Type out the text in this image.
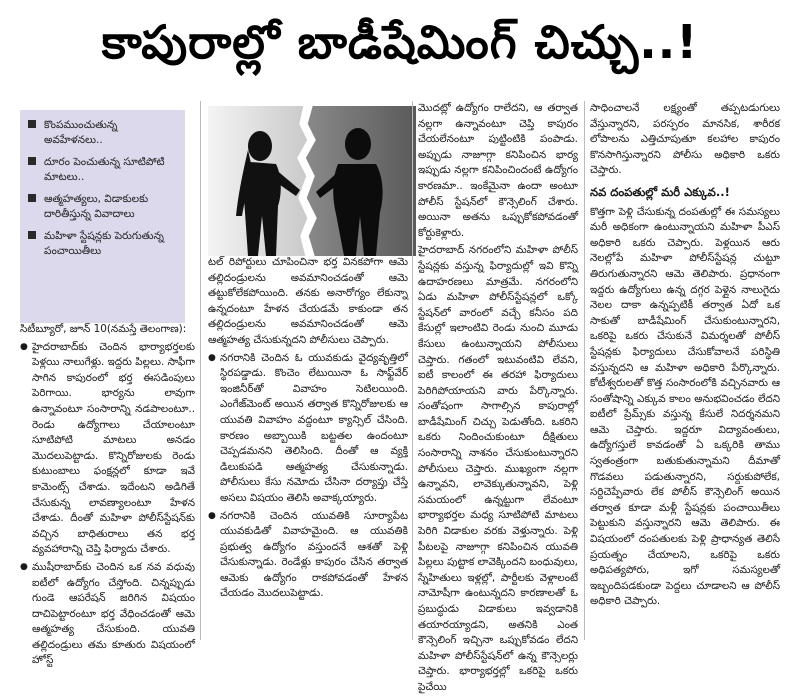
కాపురాల్లో బాడీషేమింగ్ చిచ్చు..!
కొంపముంచుతున్న అవహేళనలు..
దూరం పెంచుతున్న సూటిపోటి మాటలు..
ఆత్మహత్యలు, విడాకులకు దారితీస్తున్న వివాదాలు
మహిళా స్టేషన్లకు పెరుగుతున్న పంచాయితీలు

సిటీబ్యూరో, జూన్ 10(నమస్తే తెలంగాణ):

● హైదరాబాద్‌కు చెందిన భార్యాభర్తలకు పెళ్లయి నాలుగేళ్లు. ఇద్దరు పిల్లలు. సాఫీగా సాగిన కాపురంలో భర్త ఈసడింపులు పెరిగాయి. భార్యను లావుగా ఉన్నావంటూ సంసారాన్ని నడపాలంటూ.. రెండు ఉద్యోగాలు చేయాలంటూ సూటిపోటి మాటలు అనడం మొదలుపెట్టాడు. కొన్నిరోజులకు రెండు కుటుంబాలు ఫంక్షన్లలో కూడా ఇవే కామెంట్స్ చేశాడు. ఇదేంటని అడిగితే చేసుకున్న లావణ్యాలంటూ హేళన చేశాడు. దీంతో మహిళా పోలీస్‌స్టేషన్‌కు వచ్చిన బాధితురాలు తన భర్త వ్యవహారాన్ని చెప్తి ఫిర్యాదు చేశారు.

● ముషీరాబాద్‌కు చెందిన ఒక నవ వధువు ఐటీలో ఉద్యోగం చేస్తోంది. చిన్నప్పుడు గుండె ఆపరేషన్ జరిగిన విషయం దాచిపెట్టారంటూ భర్త వేధించడంతో ఆమె ఆత్మహత్య చేసుకుంది. యువతి తల్లిదండ్రులు తమ కూతురు విషయంలో హోస్ట్

టల్ రిపోర్టులు చూపించినా భర్త వినకపోగా ఆమె తల్లిదండ్రులను అవమానించడంతో ఆమె తట్టుకోలేకపోయింది. తనకు అనారోగ్యం లేకున్నా ఉన్నదంటూ హేళన చేయడమే కాకుండా తన తల్లిదండ్రులను అవమానించడంతో ఆమె ఆత్మహత్య చేసుకున్నదని పోలీసులు చెప్పారు.

● నగరానికి చెందిన ఓ యువకుడు వైద్యవృత్తిలో స్థిరపడ్డాడు. కొంచెం లేటుయినా ఓ సాఫ్ట్‌వేర్ ఇంజినీర్‌తో వివాహం సెటిలయింది. ఎంగేజ్‌మెంట్ అయిన తర్వాత కొన్నిరోజులకు ఆ యువతి వివాహం వద్దంటూ క్యాన్సిల్ చేసింది. కారణం అబ్బాయికి బట్టతల ఉందంటూ చెప్పడమనని తెలిసింది. దీంతో ఆ వ్యక్తి డిలుకుపడి ఆత్మహత్య చేసుకున్నాడు. పోలీసులు కేసు నమోదు చేసినా దర్యాప్తు చేస్తే అసలు విషయం తెలిసి అవాక్కయ్యారు.

● నగరానికి చెందిన యువతికి సూర్యాపేట యువకుడితో వివాహమైంది. ఆ యువతికి ప్రభుత్వ ఉద్యోగం వస్తుందనే ఆశతో పెళ్లి చేసుకున్నాడు. రెండేళ్లు కాపురం చేసిన తర్వాత ఆమెకు ఉద్యోగం రాకపోవడంతో హేళన చేయడం మొదలుపెట్టాడు.

మొదట్లో ఉద్యోగం రాలేదని, ఆ తర్వాత నల్లగా ఉన్నావంటూ చెప్తి కాపురం చేయలేనంటూ పుట్టింటికి పంపాడు. అప్పుడు నాజూగ్గా కనిపించిన భార్య ఇప్పుడు నల్లగా కనిపించిందంటే ఉద్యోగం కారణమా.. ఇంకేమైనా ఉందా అంటూ పోలీస్ స్టేషన్‌లో కౌన్సెలింగ్ చేశారు. అయినా అతను ఒప్పుకోకపోవడంతో కోర్టుకెళ్లారు.

హైదరాబాద్ నగరంలోని మహిళా పోలీస్ స్టేషన్లకు వస్తున్న ఫిర్యాదుల్లో ఇవి కొన్ని ఉదాహరణలు మాత్రమే. నగరంలోని ఏడు మహిళా పోలీస్‌స్టేషన్లలో ఒక్కో స్టేషన్‌లో వారంలో వచ్చే కనీసం పది కేసుల్లో ఇలాంటివి రెండు నుంచి మూడు కేసులు ఉంటున్నాయని పోలీసులు చెప్తారు. గతంలో ఇటువంటివి లేవని, ఐటీ కాలంలో ఈ తరహా ఫిర్యాదులు పెరిగిపోయాయని వారు పేర్కొన్నారు. సంతోషంగా సాగాల్సిన కాపురాల్లో బాడీషేమింగ్ చిచ్చు పెడుతోంది. ఒకరిని ఒకరు నిందించుకుంటూ దీక్షితులు సంసారాన్ని నాశనం చేసుకుంటున్నారని పోలీసులు చెప్తారు. ముఖ్యంగా నల్లగా ఉన్నావని, లావెక్కుతున్నావని, పెళ్లి సమయంలో ఉన్నట్టుగా లేవంటూ భార్యాభర్తల మధ్య సూటిపోటి మాటలు పెరిగి విడాకుల వరకు వెళ్తున్నారు. పెళ్లి పీటలపై నాజూగ్గా కనిపించిన యువతి పిల్లలు పుట్టాక లావెక్కిందని బంధువులు, స్నేహితులు ఇళ్లల్లో, పార్టీలకు వెళ్లాలంటే నామోషీగా ఉంటున్నదని కారణాలతో ఓ ప్రబుద్ధుడు విడాకులు ఇవ్వడానికి తయారయ్యాడని, అతనికి ఎంత కౌన్సెలింగ్ ఇచ్చినా ఒప్పుకోవడం లేదని మహిళా పోలీస్‌స్టేషన్‌లో ఉన్న కౌన్సెలర్లు చెప్తారు. భార్యాభర్తల్లో ఒకరిపై ఒకరు పైచేయి

సాధించాలనే లక్ష్యంతో తప్పటడుగులు వేస్తున్నారని, పరస్పరం మానసిక, శారీరక లోపాలను ఎత్తిచూపుతూ కలహాల కాపురం కొనసాగిస్తున్నారని పోలీసు అధికారి ఒకరు చెప్తారు.

నవ దంపతుల్లో మరీ ఎక్కువ..!

కొత్తగా పెళ్లి చేసుకున్న దంపతుల్లో ఈ సమస్యలు మరీ అధికంగా ఉంటున్నాయని మహిళా పీఎస్ అధికారి ఒకరు చెప్పారు. పెళ్లయిన ఆరు నెలల్లోపే మహిళా పోలీస్‌స్టేషన్ల చుట్టూ తిరుగుతున్నారని ఆమె తెలిపారు. ప్రధానంగా ఇద్దరు ఉద్యోగులు ఉన్న దగ్గర పెళ్లైన నాలుగైదు నెలల దాకా ఉన్నప్పటికీ తర్వాత ఏదో ఒక సాకుతో బాడీషేమింగ్ చేసుకుంటున్నారని, ఒకరిపై ఒకరు చేసుకునే విమర్శలతో పోలీస్ స్టేషన్లకు ఫిర్యాదులు చేసుకోవాలనే పరిస్థితి వస్తున్నదని ఆ మహిళా అధికారి పేర్కొన్నారు. కోటీశ్వరులతో కొత్త సంసారంలోకి వచ్చినవారు ఆ సంతోషాన్ని ఎక్కువ కాలం అనుభవించడం లేదని ఐటీలో ప్రేమ్స్‌కు వస్తున్న కేసులే నిదర్శనమని ఆమె చెప్తారు. ఇద్దరూ విద్యావంతులు, ఉద్యోగస్తులే కావడంతో ఏ ఒక్కరికి తాము స్వతంత్రంగా బతుకుతున్నామని దీమాతో గొడవలు పడుతున్నారని, సర్దుకుపోలేక, సర్దిచెప్పేవారు లేక పోలీస్ కౌన్సెలింగ్ అయిన తర్వాత కూడా మళ్లీ స్టేషన్లకు పంచాయితీలు పెట్టుకుని వస్తున్నారని ఆమె తెలిపారు. ఈ విషయంలో దంపతులకు పెళ్లి ప్రాధాన్యత తెలిసే ప్రయత్నం చేయాలని, ఒకరిపై ఒకరు అధిపత్యపోరు, ఇగో సమస్యలతో ఇబ్బందిపడకుండా పెద్దలు చూడాలని ఆ పోలీస్ అధికారి చెప్పారు.
